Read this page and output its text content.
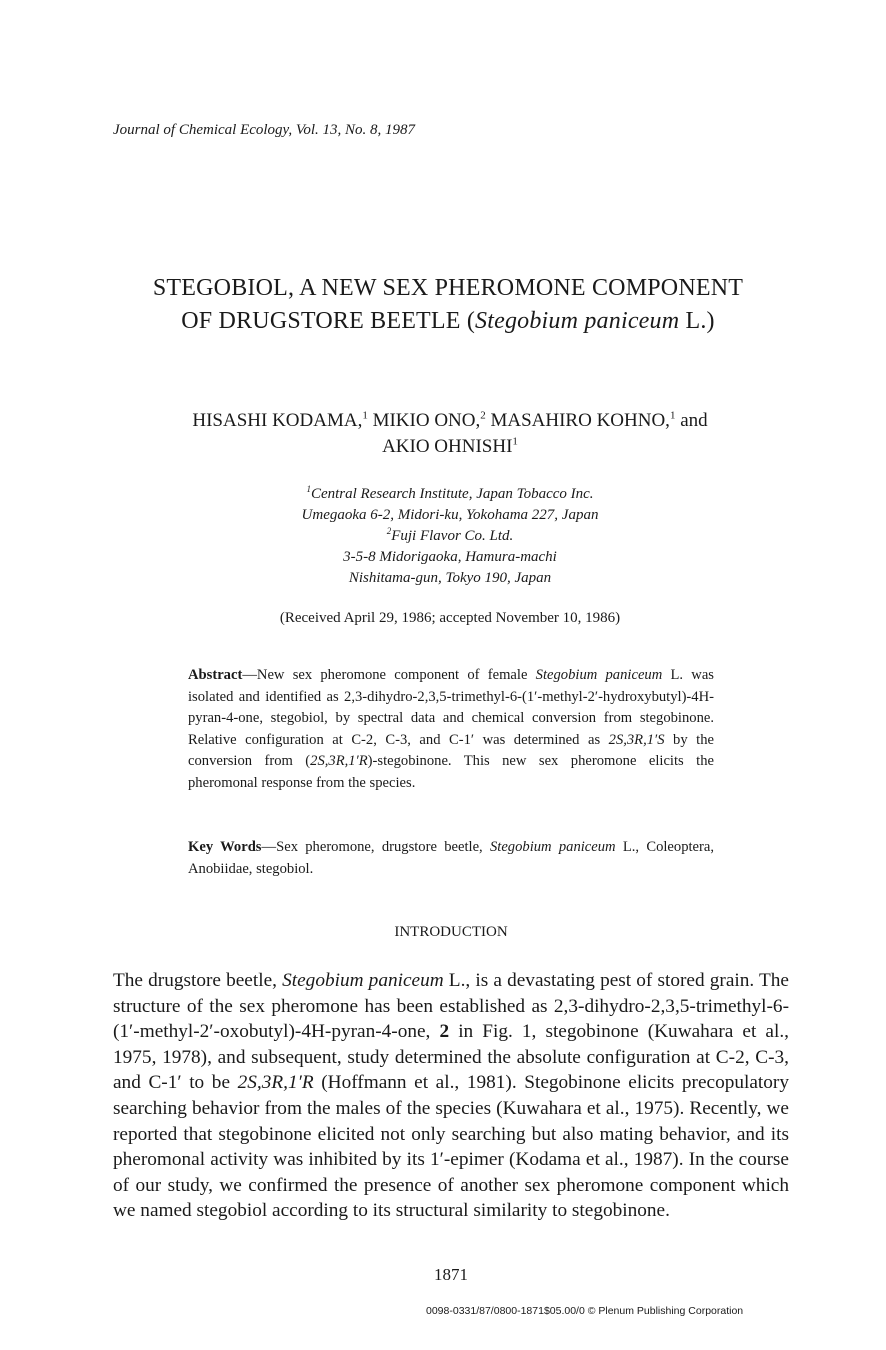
Journal of Chemical Ecology, Vol. 13, No. 8, 1987
STEGOBIOL, A NEW SEX PHEROMONE COMPONENT
OF DRUGSTORE BEETLE (Stegobium paniceum L.)
HISASHI KODAMA,$^1$ MIKIO ONO,$^2$ MASAHIRO KOHNO,$^1$ and
AKIO OHNISHI$^1$
$^1$Central Research Institute, Japan Tobacco Inc.
Umegaoka 6-2, Midori-ku, Yokohama 227, Japan
$^2$Fuji Flavor Co. Ltd.
3-5-8 Midorigaoka, Hamura-machi
Nishitama-gun, Tokyo 190, Japan
(Received April 29, 1986; accepted November 10, 1986)
Abstract—New sex pheromone component of female Stegobium paniceum L. was isolated and identified as 2,3-dihydro-2,3,5-trimethyl-6-(1′-methyl-2′-hydroxybutyl)-4H-pyran-4-one, stegobiol, by spectral data and chemical conversion from stegobinone. Relative configuration at C-2, C-3, and C-1′ was determined as 2S,3R,1′S by the conversion from (2S,3R,1′R)-stegobinone. This new sex pheromone elicits the pheromonal response from the species.
Key Words—Sex pheromone, drugstore beetle, Stegobium paniceum L., Coleoptera, Anobiidae, stegobiol.
INTRODUCTION
The drugstore beetle, Stegobium paniceum L., is a devastating pest of stored grain. The structure of the sex pheromone has been established as 2,3-dihydro-2,3,5-trimethyl-6-(1′-methyl-2′-oxobutyl)-4H-pyran-4-one, 2 in Fig. 1, stegobinone (Kuwahara et al., 1975, 1978), and subsequent, study determined the absolute configuration at C-2, C-3, and C-1′ to be 2S,3R,1′R (Hoffmann et al., 1981). Stegobinone elicits precopulatory searching behavior from the males of the species (Kuwahara et al., 1975). Recently, we reported that stegobinone elicited not only searching but also mating behavior, and its pheromonal activity was inhibited by its 1′-epimer (Kodama et al., 1987). In the course of our study, we confirmed the presence of another sex pheromone component which we named stegobiol according to its structural similarity to stegobinone.
1871
0098-0331/87/0800-1871$05.00/0 © Plenum Publishing Corporation
